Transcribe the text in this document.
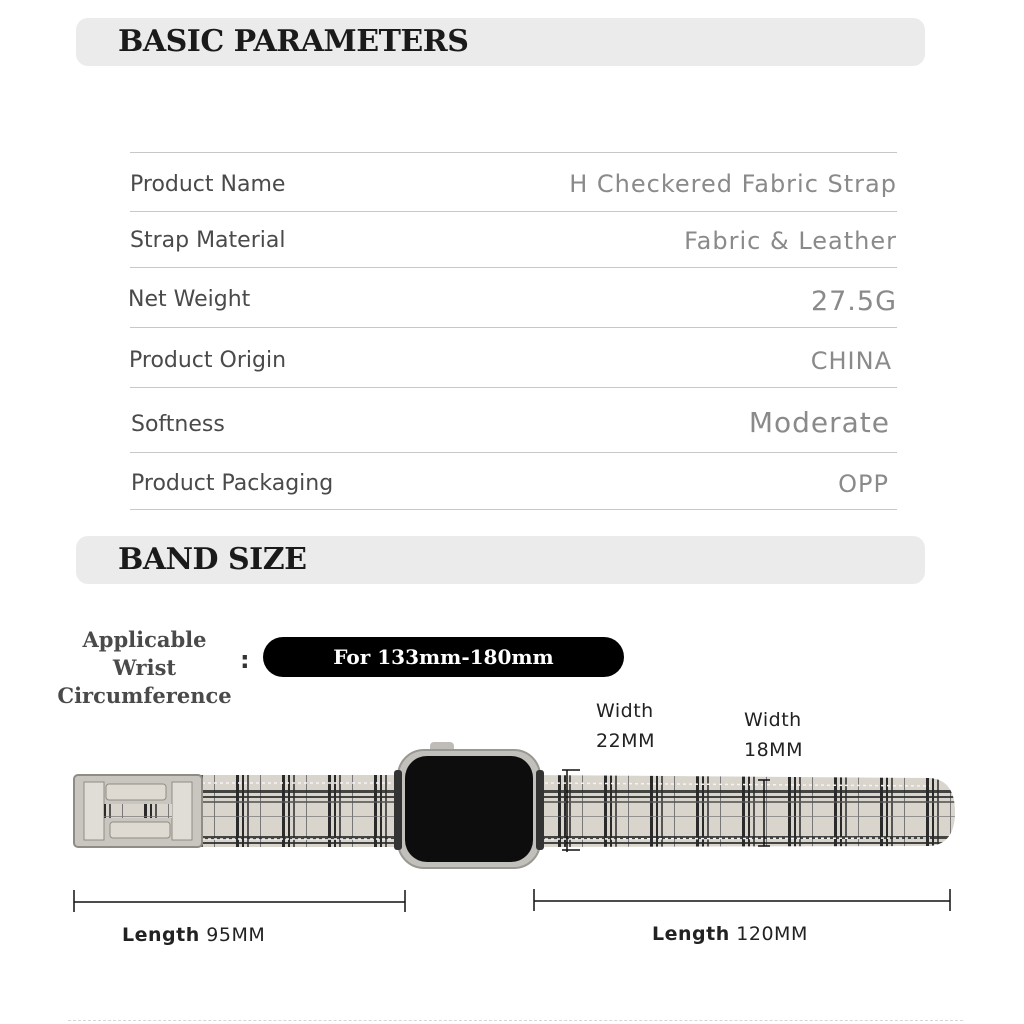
BASIC PARAMETERS
Product Name	H Checkered Fabric Strap
Strap Material	Fabric & Leather
Net Weight	27.5G
Product Origin	CHINA
Softness	Moderate
Product Packaging	OPP
BAND SIZE
Applicable Wrist
Circumference
:	For 133mm-180mm
Width
22MM
Width
18MM
Length 95MM	Length 120MM
